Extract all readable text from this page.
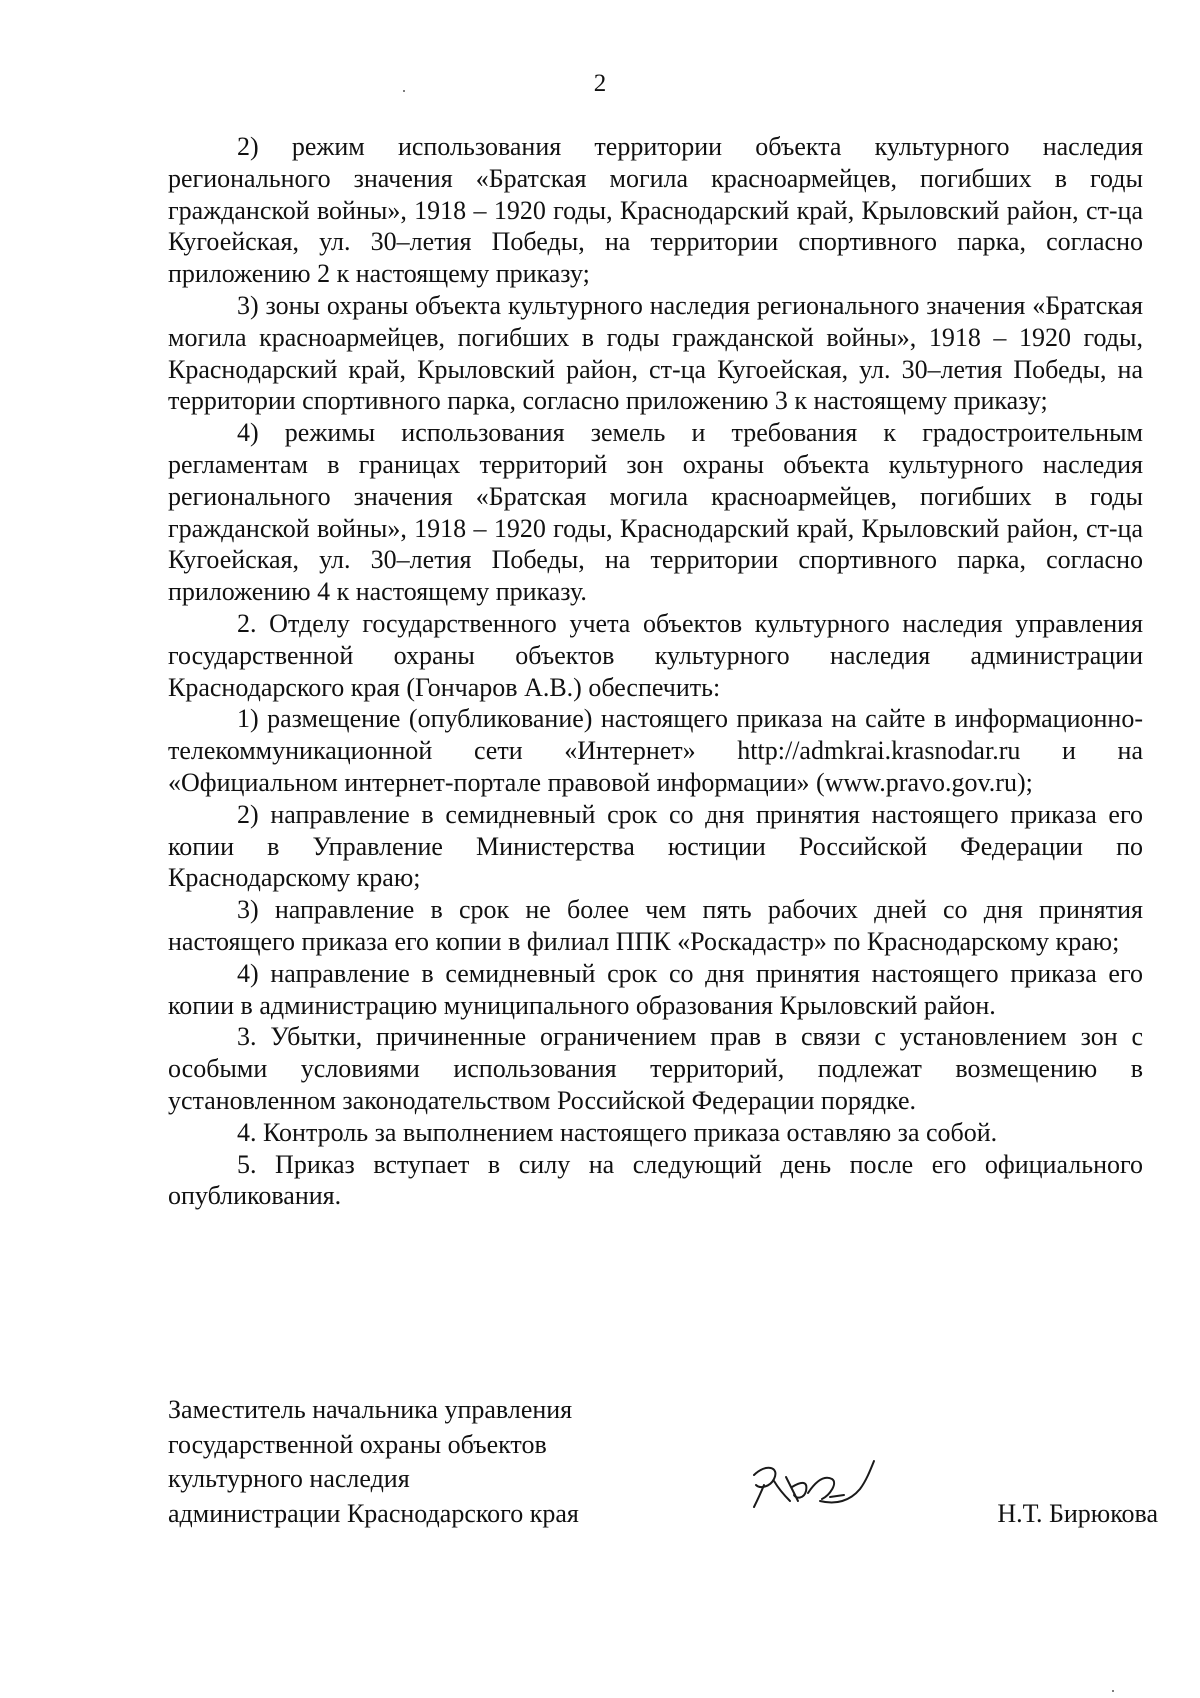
2

2) режим использования территории объекта культурного наследия регионального значения «Братская могила красноармейцев, погибших в годы гражданской войны», 1918 – 1920 годы, Краснодарский край, Крыловский район, ст-ца Кугоейская, ул. 30–летия Победы, на территории спортивного парка, согласно приложению 2 к настоящему приказу;

3) зоны охраны объекта культурного наследия регионального значения «Братская могила красноармейцев, погибших в годы гражданской войны», 1918 – 1920 годы, Краснодарский край, Крыловский район, ст-ца Кугоейская, ул. 30–летия Победы, на территории спортивного парка, согласно приложению 3 к настоящему приказу;

4) режимы использования земель и требования к градостроительным регламентам в границах территорий зон охраны объекта культурного наследия регионального значения «Братская могила красноармейцев, погибших в годы гражданской войны», 1918 – 1920 годы, Краснодарский край, Крыловский район, ст-ца Кугоейская, ул. 30–летия Победы, на территории спортивного парка, согласно приложению 4 к настоящему приказу.

2. Отделу государственного учета объектов культурного наследия управления государственной охраны объектов культурного наследия администрации Краснодарского края (Гончаров А.В.) обеспечить:

1) размещение (опубликование) настоящего приказа на сайте в информационно-телекоммуникационной сети «Интернет» http://admkrai.krasnodar.ru и на «Официальном интернет-портале правовой информации» (www.pravo.gov.ru);

2) направление в семидневный срок со дня принятия настоящего приказа его копии в Управление Министерства юстиции Российской Федерации по Краснодарскому краю;

3) направление в срок не более чем пять рабочих дней со дня принятия настоящего приказа его копии в филиал ППК «Роскадастр» по Краснодарскому краю;

4) направление в семидневный срок со дня принятия настоящего приказа его копии в администрацию муниципального образования Крыловский район.

3. Убытки, причиненные ограничением прав в связи с установлением зон с особыми условиями использования территорий, подлежат возмещению в установленном законодательством Российской Федерации порядке.

4. Контроль за выполнением настоящего приказа оставляю за собой.

5. Приказ вступает в силу на следующий день после его официального опубликования.

Заместитель начальника управления
государственной охраны объектов
культурного наследия
администрации Краснодарского края	Н.Т. Бирюкова
